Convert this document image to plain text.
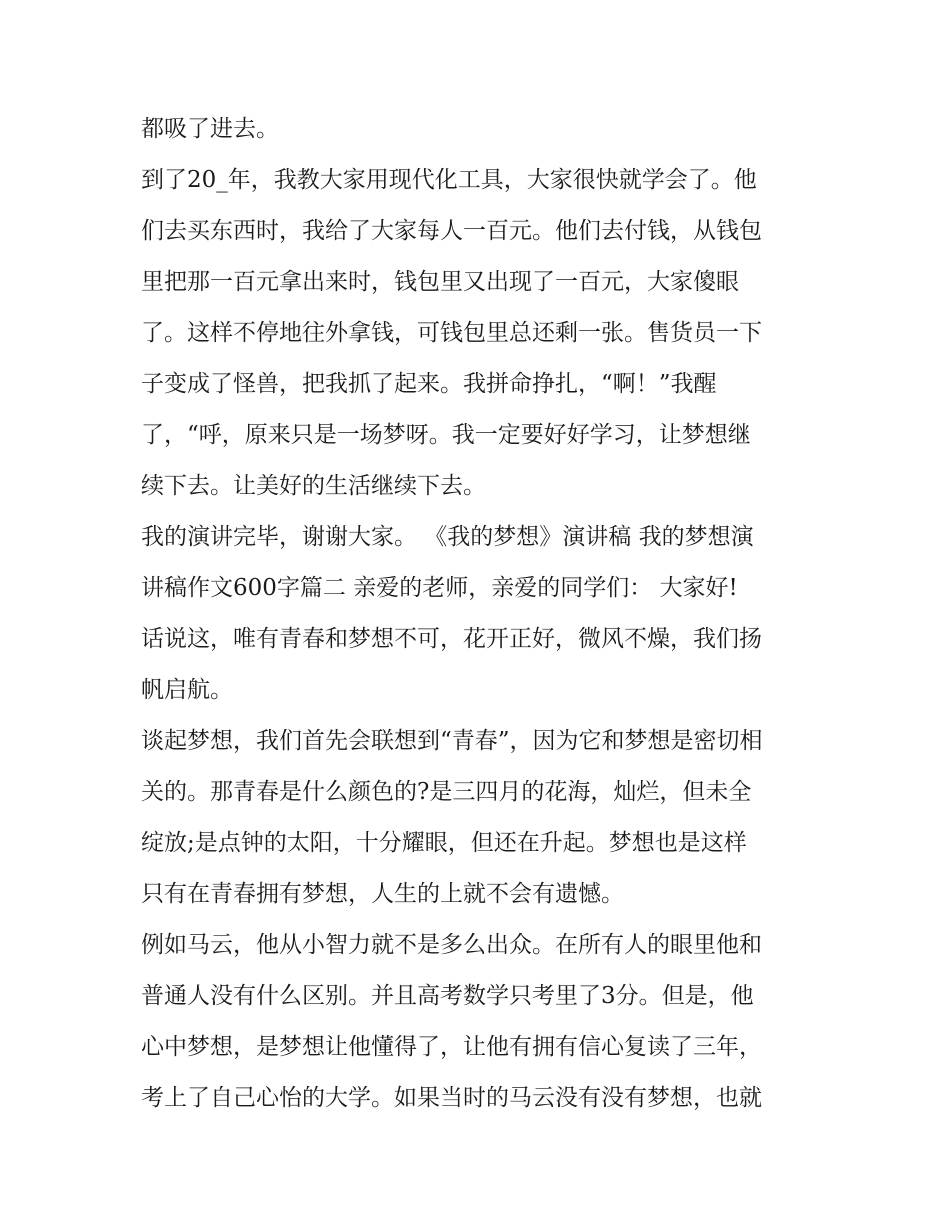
都吸了进去。

到了20_年，我教大家用现代化工具，大家很快就学会了。他

们去买东西时，我给了大家每人一百元。他们去付钱，从钱包

里把那一百元拿出来时，钱包里又出现了一百元，大家傻眼

了。这样不停地往外拿钱，可钱包里总还剩一张。售货员一下

子变成了怪兽，把我抓了起来。我拼命挣扎，“啊！”我醒

了，“呼，原来只是一场梦呀。我一定要好好学习，让梦想继

续下去。让美好的生活继续下去。

我的演讲完毕，谢谢大家。 《我的梦想》演讲稿 我的梦想演

讲稿作文600字篇二 亲爱的老师，亲爱的同学们： 大家好!

话说这，唯有青春和梦想不可，花开正好，微风不燥，我们扬

帆启航。

谈起梦想，我们首先会联想到“青春”，因为它和梦想是密切相

关的。那青春是什么颜色的?是三四月的花海，灿烂，但未全

绽放;是点钟的太阳，十分耀眼，但还在升起。梦想也是这样

只有在青春拥有梦想，人生的上就不会有遗憾。

例如马云，他从小智力就不是多么出众。在所有人的眼里他和

普通人没有什么区别。并且高考数学只考里了3分。但是，他

心中梦想，是梦想让他懂得了，让他有拥有信心复读了三年，

考上了自己心怡的大学。如果当时的马云没有没有梦想，也就
